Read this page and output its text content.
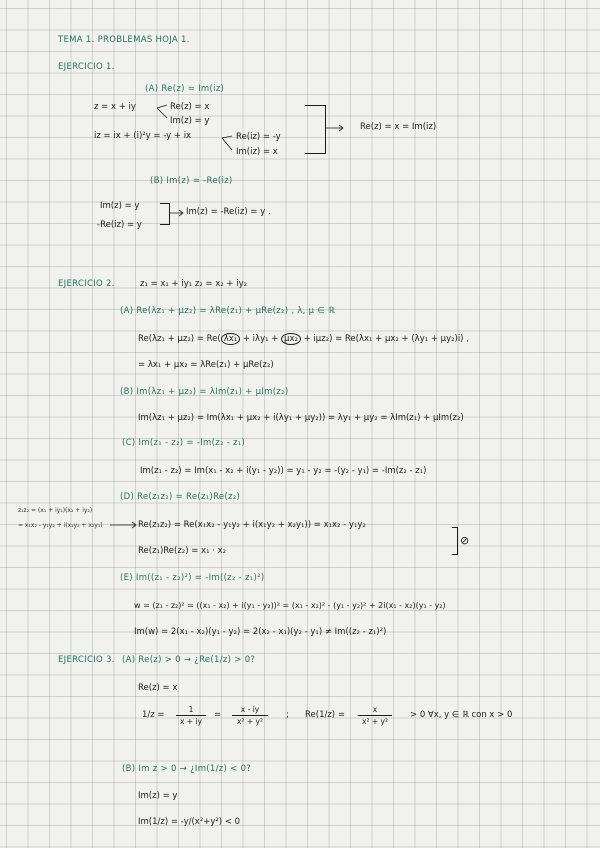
TEMA 1. PROBLEMAS HOJA 1.
EJERCICIO 1.
(A) Re(z) = Im(iz)
z = x + iy	Re(z) = x
Im(z) = y
iz = ix + (i)²y = -y + ix	Re(iz) = -y
Im(iz) = x
Re(z) = x = Im(iz)
(B) Im(z) = -Re(iz)
Im(z) = y
-Re(iz) = y
Im(z) = -Re(iz) = y .
EJERCICIO 2.	z₁ = x₁ + iy₁ z₂ = x₂ + iy₂
(A) Re(λz₁ + μz₂) = λRe(z₁) + μRe(z₂) , λ, μ ∈ ℝ
Re(λz₁ + μz₂) = Re( λx₁ + iλy₁ + μx₂ + iμz₂) = Re(λx₁ + μx₂ + (λy₁ + μy₂)i) ,
= λx₁ + μx₂ = λRe(z₁) + μRe(z₂)
(B) Im(λz₁ + μz₂) = λIm(z₁) + μIm(z₂)
Im(λz₁ + μz₂) = Im(λx₁ + μx₂ + i(λy₁ + μy₂)) = λy₁ + μy₂ = λIm(z₁) + μIm(z₂)
(C) Im(z₁ - z₂) = -Im(z₂ - z₁)
Im(z₁ - z₂) = Im(x₁ - x₂ + i(y₁ - y₂)) = y₁ - y₂ = -(y₂ - y₁) = -Im(z₂ - z₁)
(D) Re(z₁z₂) = Re(z₁)Re(z₂)
z₁z₂ = (x₁ + iy₁)(x₂ + iy₂)
= x₁x₂ - y₁y₂ + i(x₁y₂ + x₂y₁)	Re(z₁z₂) = Re(x₁x₂ - y₁y₂ + i(x₁y₂ + x₂y₁)) = x₁x₂ - y₁y₂
Re(z₁)Re(z₂) = x₁ · x₂
⊘
(E) Im((z₁ - z₂)²) = -Im((z₂ - z₁)²)
w = (z₁ - z₂)² = ((x₁ - x₂) + i(y₁ - y₂))² = (x₁ - x₂)² - (y₁ - y₂)² + 2i(x₁ - x₂)(y₁ - y₂)
Im(w) = 2(x₁ - x₂)(y₁ - y₂) = 2(x₂ - x₁)(y₂ - y₁) ≠ Im((z₂ - z₁)²)
EJERCICIO 3. (A) Re(z) > 0 → ¿Re(1/z) > 0?
Re(z) = x
1/z =
1
x + iy
=
x - iy
x² + y²
; Re(1/z) =
x
x² + y²
> 0 ∀x, y ∈ ℝ con x > 0
(B) Im z > 0 → ¿Im(1/z) < 0?
Im(z) = y
Im(1/z) = -y/(x²+y²) < 0
